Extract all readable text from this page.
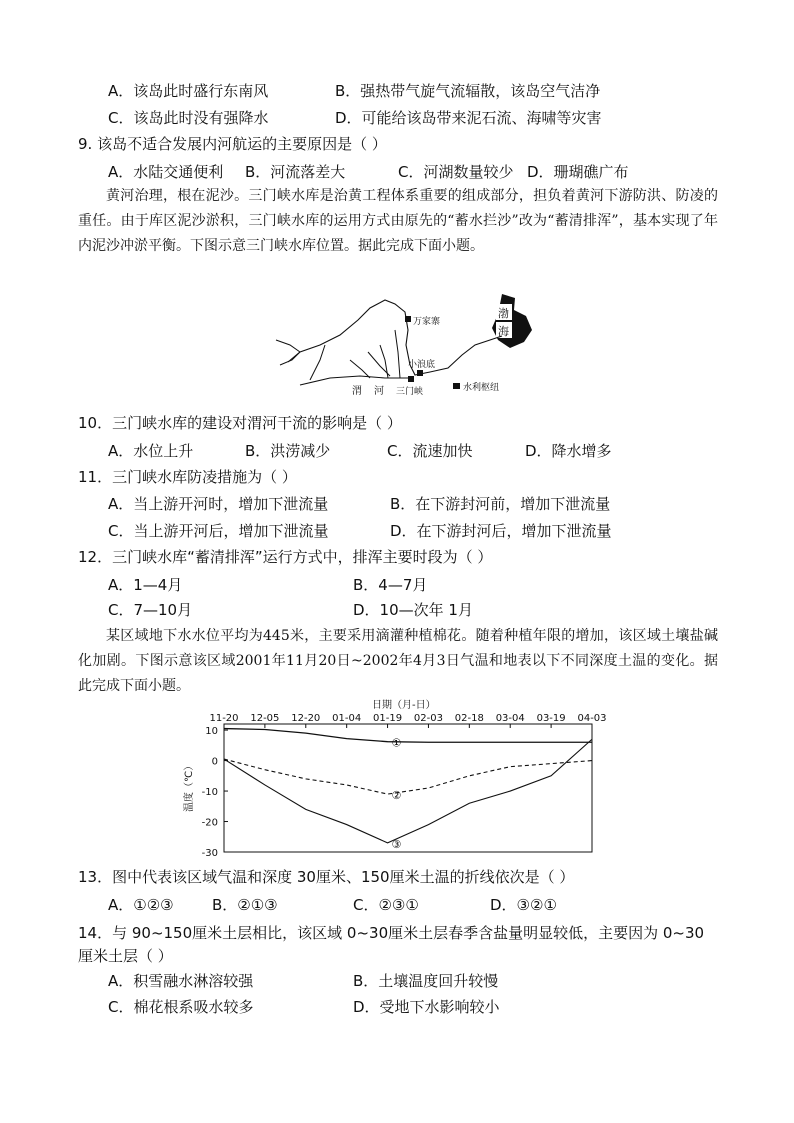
A．该岛此时盛行东南风	B．强热带气旋气流辐散，该岛空气洁净
C．该岛此时没有强降水	D．可能给该岛带来泥石流、海啸等灾害
9. 该岛不适合发展内河航运的主要原因是（ ）
A．水陆交通便利 B．河流落差大	C．河湖数量较少 D．珊瑚礁广布
黄河治理，根在泥沙。三门峡水库是治黄工程体系重要的组成部分，担负着黄河下游防洪、防凌的重任。由于库区泥沙淤积，三门峡水库的运用方式由原先的“蓄水拦沙”改为“蓄清排浑”，基本实现了年内泥沙冲淤平衡。下图示意三门峡水库位置。据此完成下面小题。
渤
海
万家寨
小浪底
三门峡
渭 河	水利枢纽
10．三门峡水库的建设对渭河干流的影响是（ ）
A．水位上升	B．洪涝减少	C．流速加快	D．降水增多
11．三门峡水库防凌措施为（ ）
A．当上游开河时，增加下泄流量	B．在下游封河前，增加下泄流量
C．当上游开河后，增加下泄流量	D．在下游封河后，增加下泄流量
12．三门峡水库“蓄清排浑”运行方式中，排浑主要时段为（ ）
A．1—4月	B．4—7月
C．7—10月	D．10—次年 1月
某区域地下水水位平均为445米，主要采用滴灌种植棉花。随着种植年限的增加，该区域土壤盐碱化加剧。下图示意该区域2001年11月20日~2002年4月3日气温和地表以下不同深度土温的变化。据此完成下面小题。
日期（月-日）
11-20 12-05 12-20 01-04 01-19 02-03 02-18 03-04 03-19 04-03
10
0
-10
-20
-30
温度（℃）
①
②
③
13．图中代表该区域气温和深度 30厘米、150厘米土温的折线依次是（ ）
A．①②③	B．②①③	C．②③①	D．③②①
14．与 90~150厘米土层相比，该区域 0~30厘米土层春季含盐量明显较低，主要因为 0~30
厘米土层（ ）
A．积雪融水淋溶较强	B．土壤温度回升较慢
C．棉花根系吸水较多	D．受地下水影响较小
